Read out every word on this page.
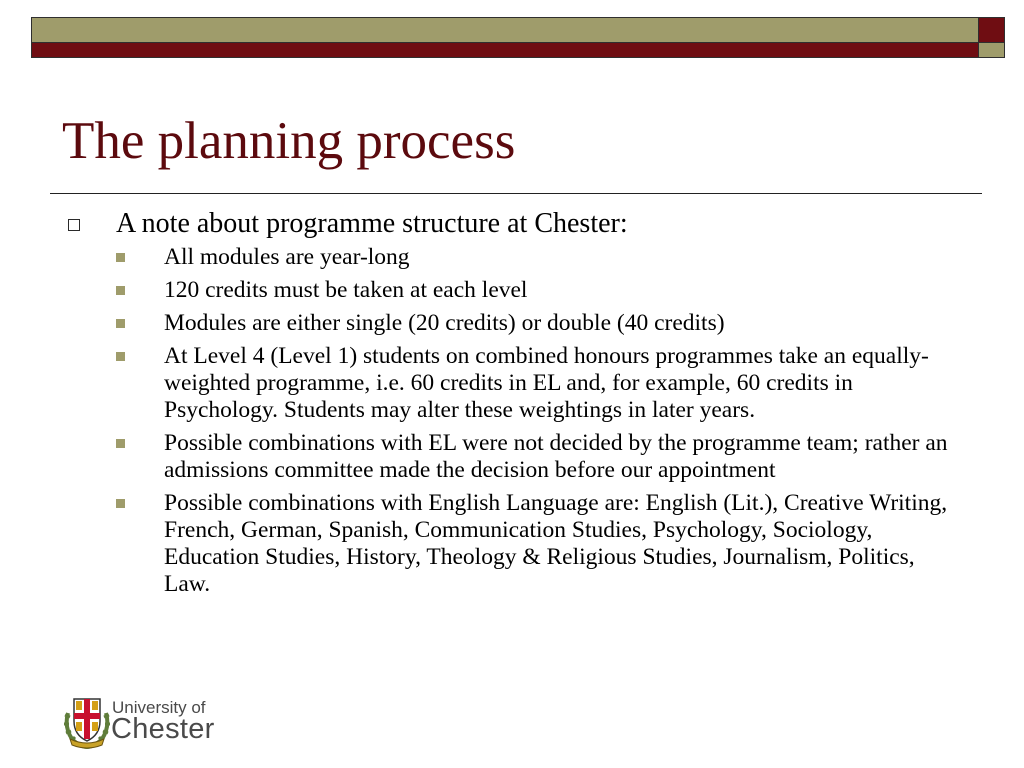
The planning process
A note about programme structure at Chester:
All modules are year-long
120 credits must be taken at each level
Modules are either single (20 credits) or double (40 credits)
At Level 4 (Level 1) students on combined honours programmes take an equally-weighted programme, i.e. 60 credits in EL and, for example, 60 credits in Psychology. Students may alter these weightings in later years.
Possible combinations with EL were not decided by the programme team; rather an admissions committee made the decision before our appointment
Possible combinations with English Language are: English (Lit.), Creative Writing, French, German, Spanish, Communication Studies, Psychology, Sociology, Education Studies, History, Theology & Religious Studies, Journalism, Politics, Law.
University of
Chester
